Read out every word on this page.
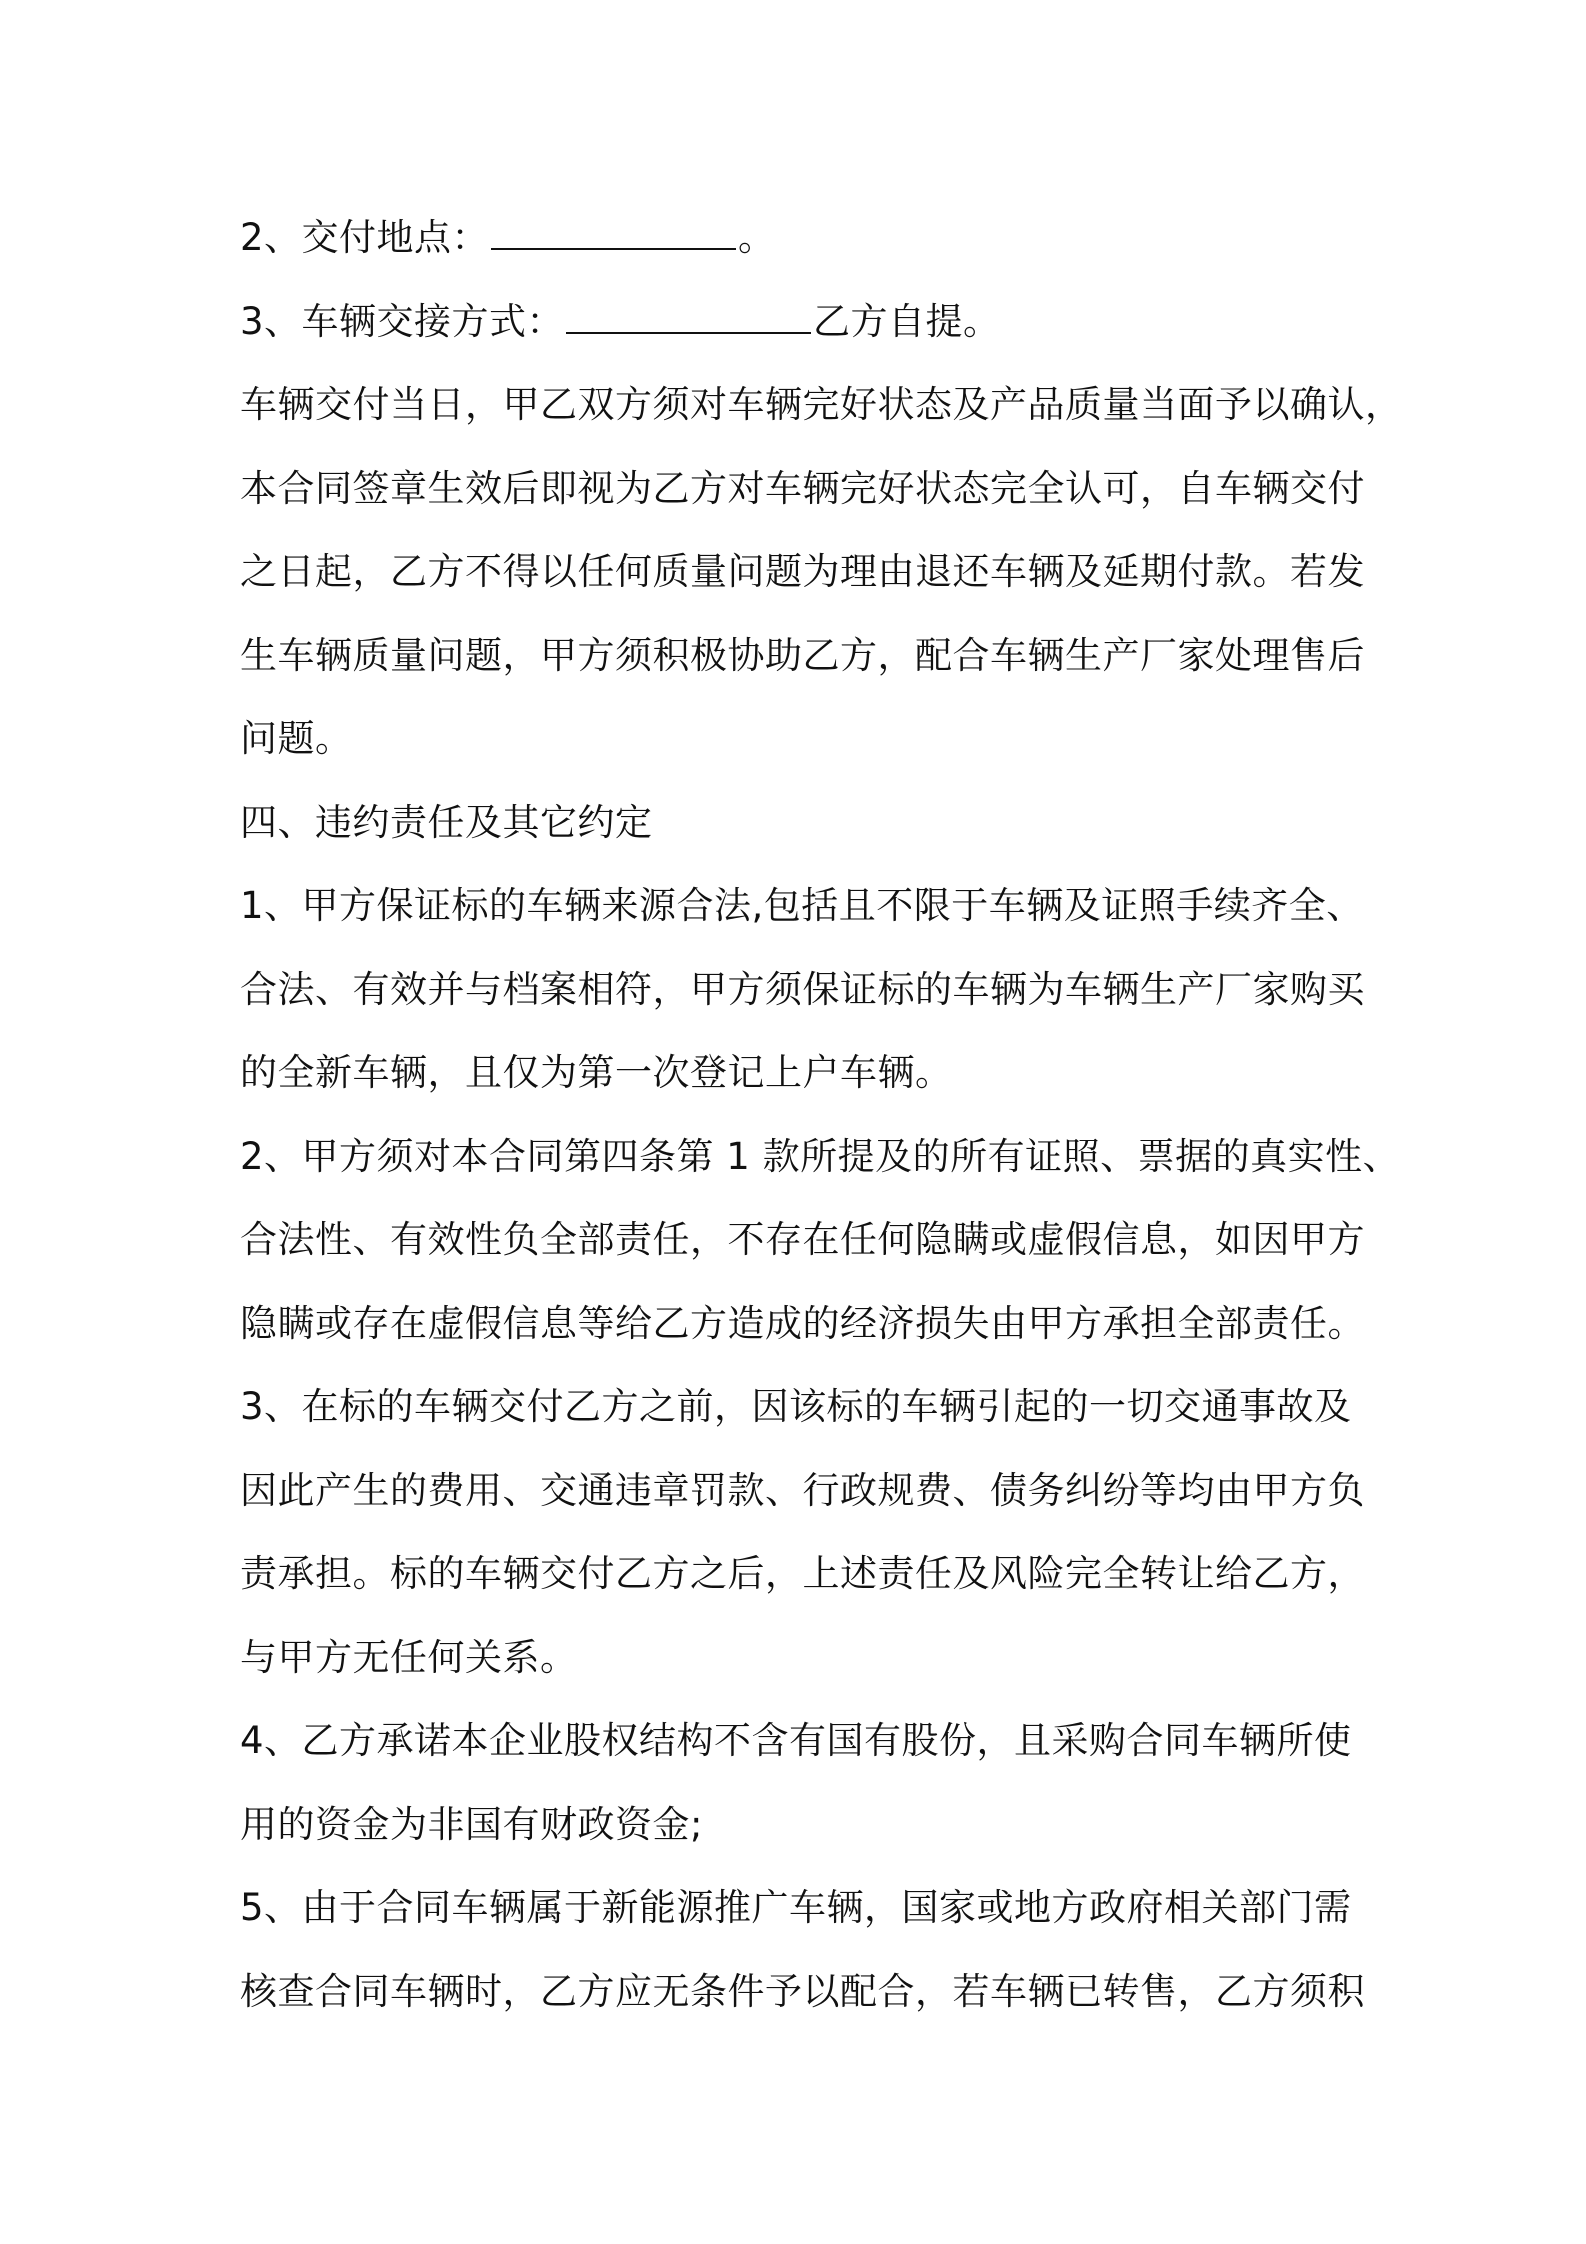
2、交付地点：	。
3、车辆交接方式：	乙方自提。
车辆交付当日，甲乙双方须对车辆完好状态及产品质量当面予以确认，
本合同签章生效后即视为乙方对车辆完好状态完全认可，自车辆交付
之日起，乙方不得以任何质量问题为理由退还车辆及延期付款。若发
生车辆质量问题，甲方须积极协助乙方，配合车辆生产厂家处理售后
问题。
四、违约责任及其它约定
1、甲方保证标的车辆来源合法,包括且不限于车辆及证照手续齐全、
合法、有效并与档案相符，甲方须保证标的车辆为车辆生产厂家购买
的全新车辆，且仅为第一次登记上户车辆。
2、甲方须对本合同第四条第 1 款所提及的所有证照、票据的真实性、
合法性、有效性负全部责任，不存在任何隐瞒或虚假信息，如因甲方
隐瞒或存在虚假信息等给乙方造成的经济损失由甲方承担全部责任。
3、在标的车辆交付乙方之前，因该标的车辆引起的一切交通事故及
因此产生的费用、交通违章罚款、行政规费、债务纠纷等均由甲方负
责承担。标的车辆交付乙方之后，上述责任及风险完全转让给乙方，
与甲方无任何关系。
4、乙方承诺本企业股权结构不含有国有股份，且采购合同车辆所使
用的资金为非国有财政资金;
5、由于合同车辆属于新能源推广车辆，国家或地方政府相关部门需
核查合同车辆时，乙方应无条件予以配合，若车辆已转售，乙方须积
